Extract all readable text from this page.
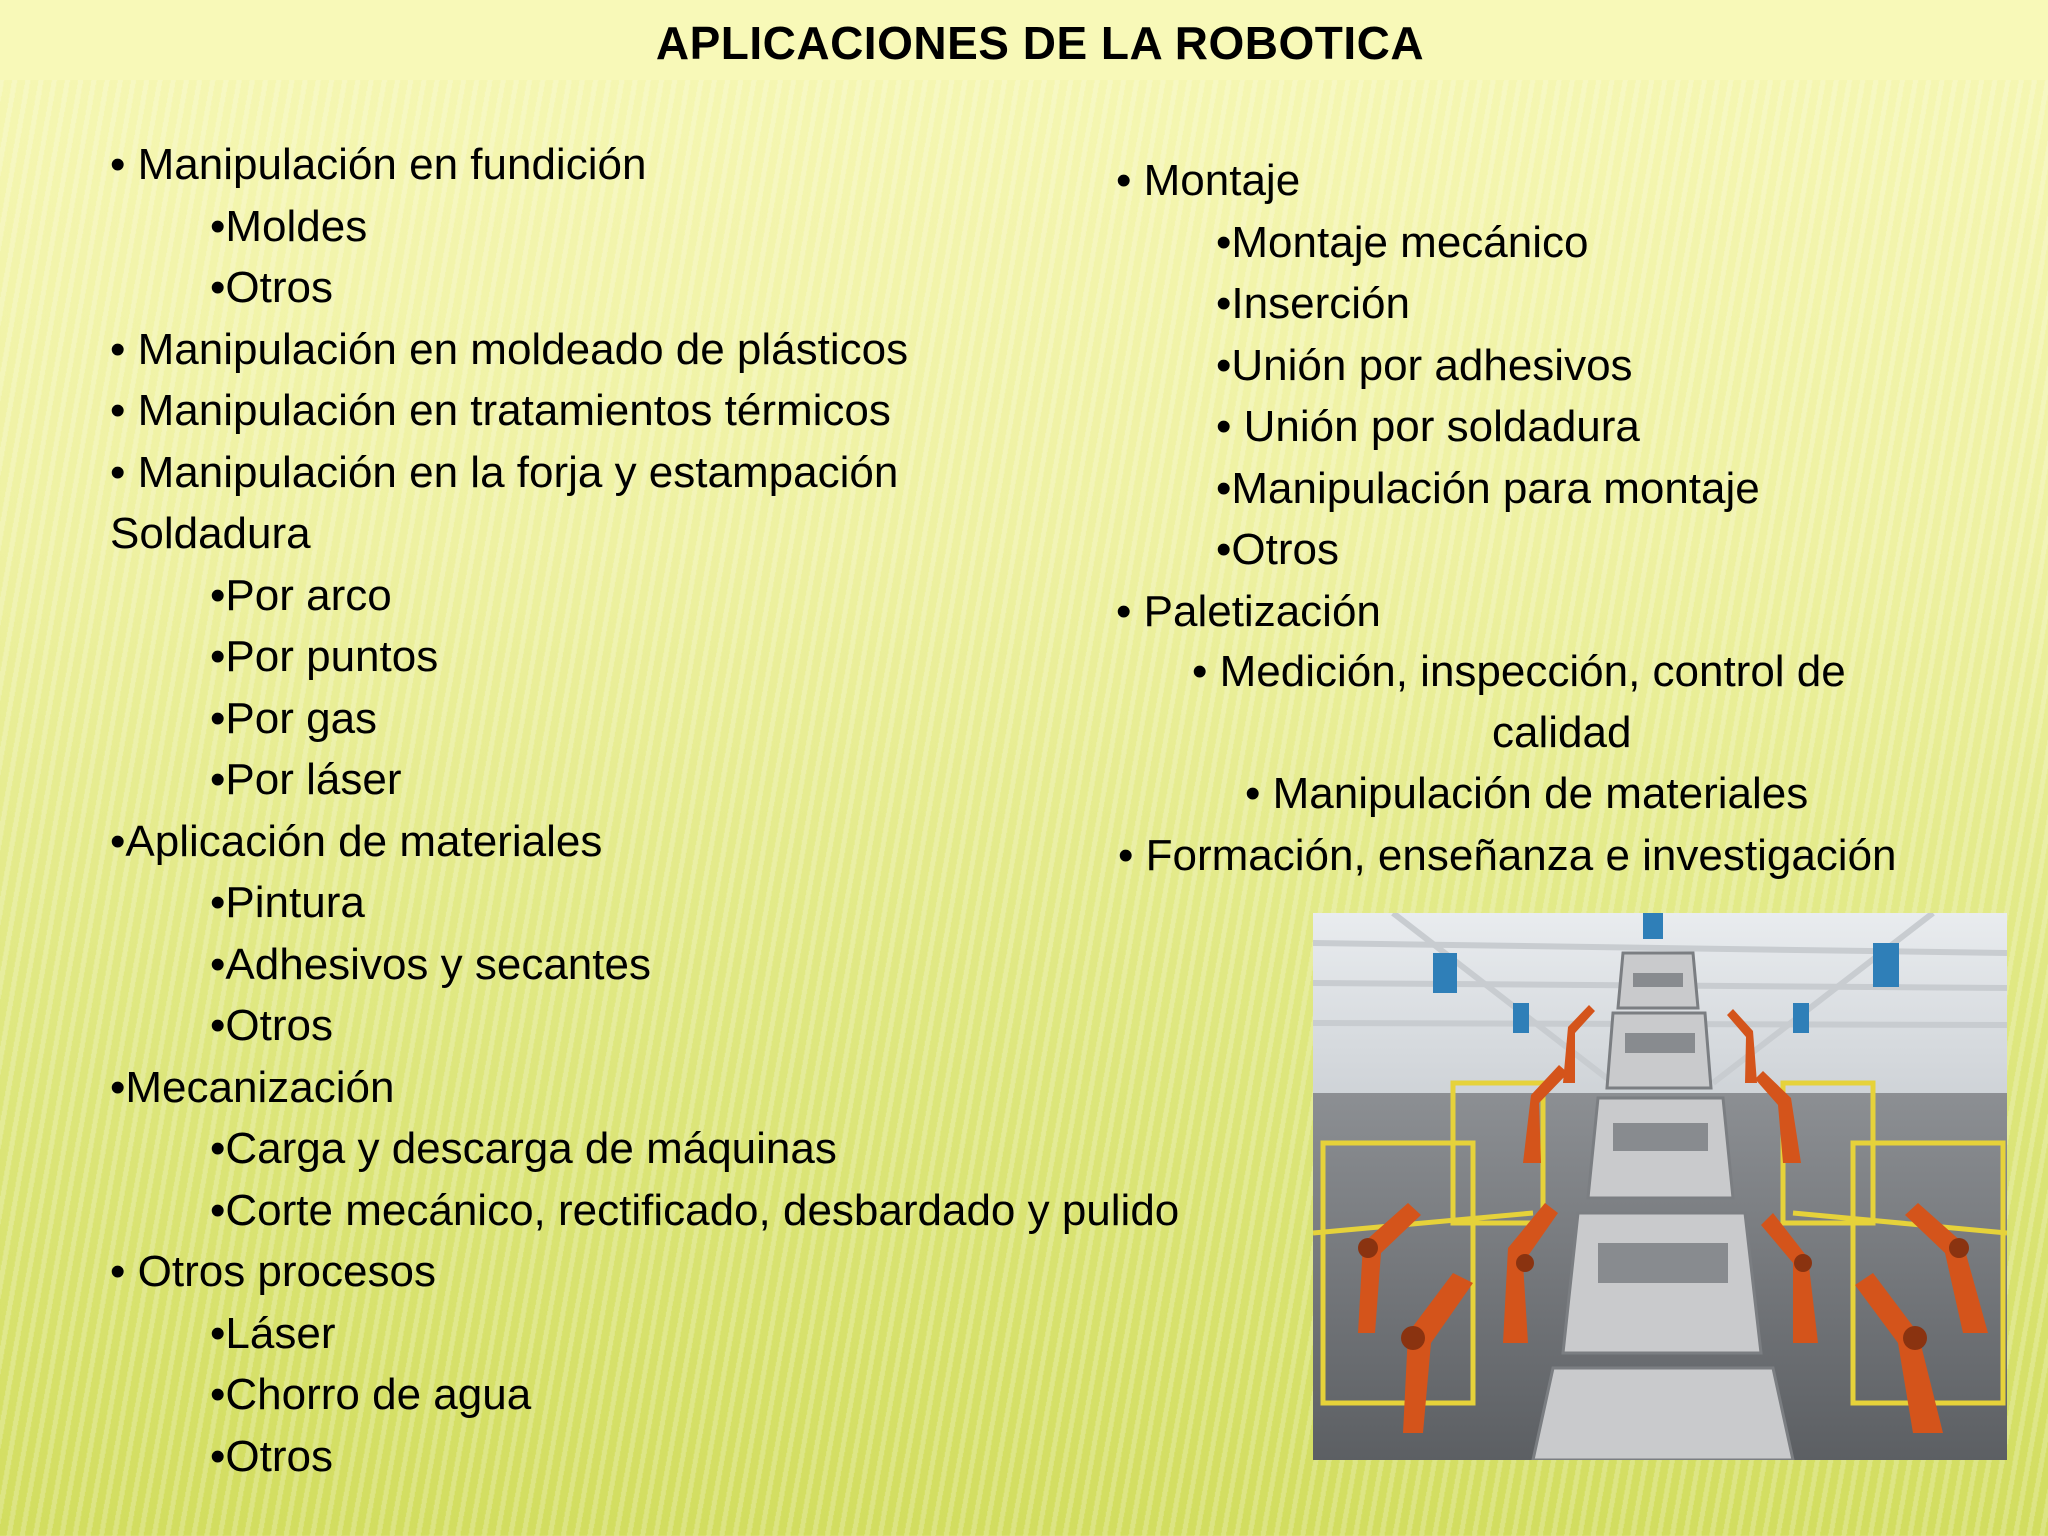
APLICACIONES DE LA ROBOTICA
• Manipulación en fundición
•Moldes
•Otros
• Manipulación en moldeado de plásticos
• Manipulación en tratamientos térmicos
• Manipulación en la forja y estampación
Soldadura
•Por arco
•Por puntos
•Por gas
•Por láser
•Aplicación de materiales
•Pintura
•Adhesivos y secantes
•Otros
•Mecanización
•Carga y descarga de máquinas
•Corte mecánico, rectificado, desbardado y pulido
• Otros procesos
•Láser
•Chorro de agua
•Otros
• Montaje
•Montaje mecánico
•Inserción
•Unión por adhesivos
• Unión por soldadura
•Manipulación para montaje
•Otros
• Paletización
• Medición, inspección, control de
calidad
• Manipulación de materiales
• Formación, enseñanza e investigación
